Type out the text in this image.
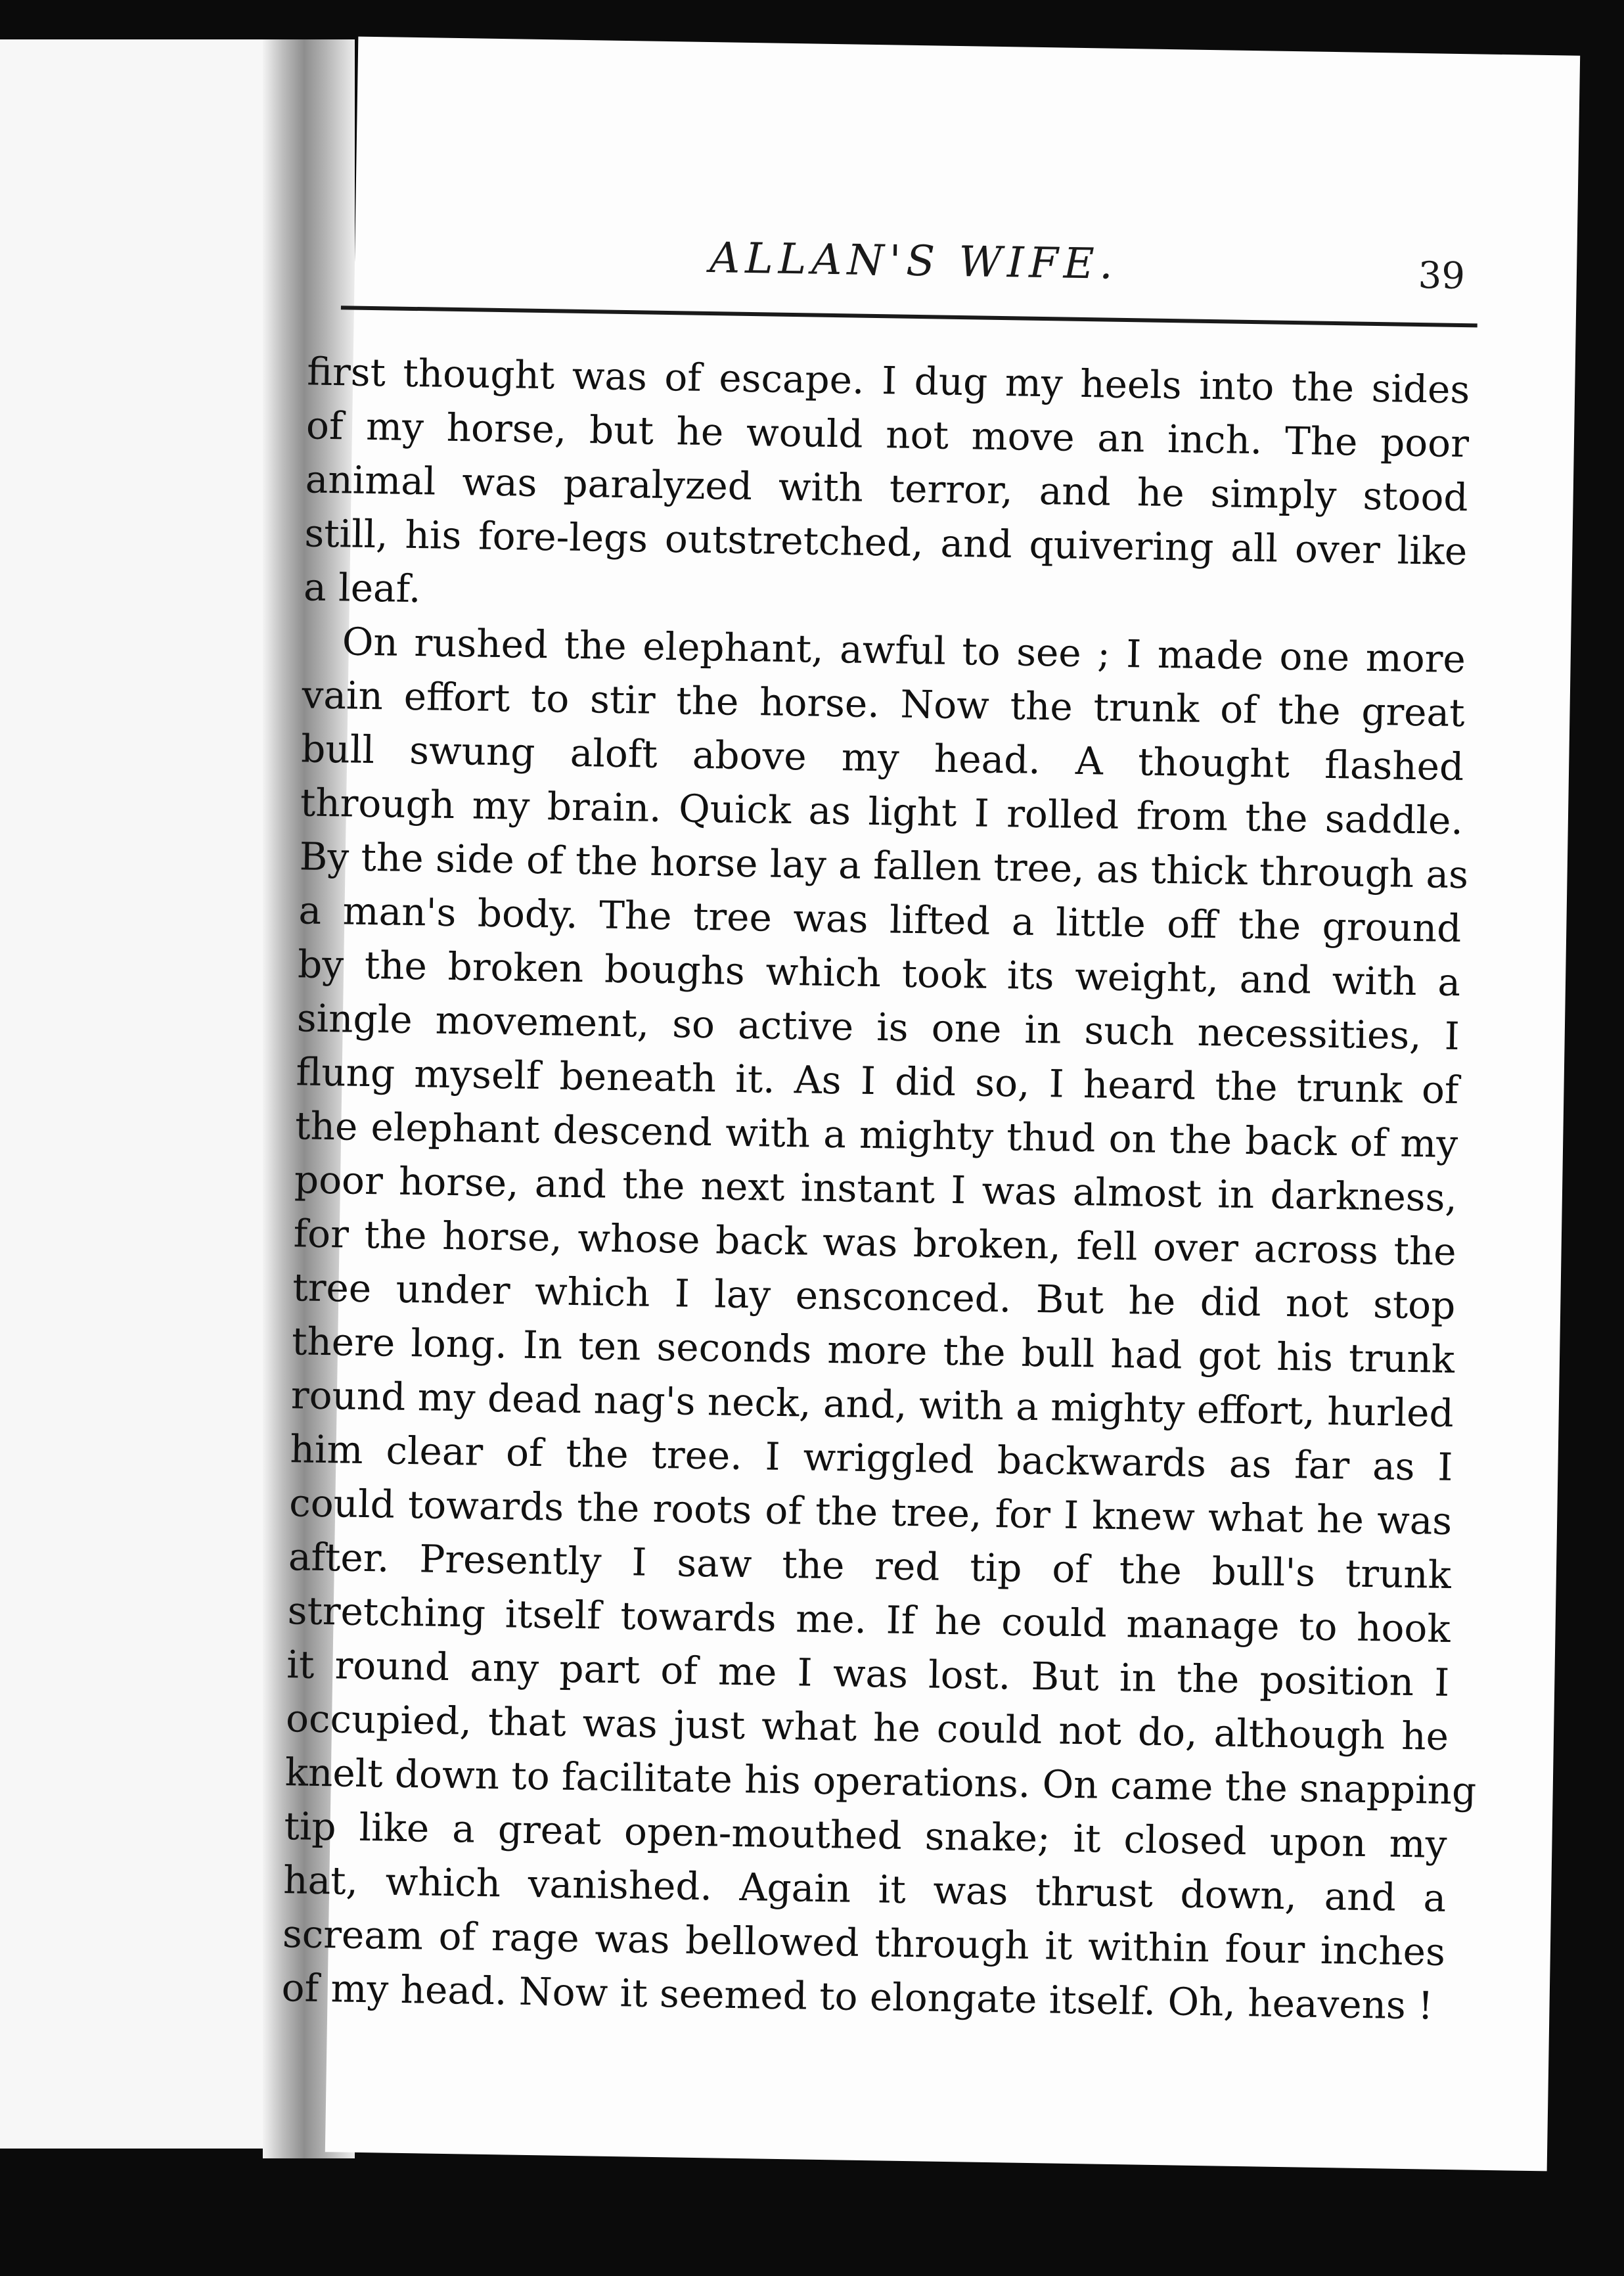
ALLAN'S WIFE.	39
first thought was of escape. I dug my heels into the sides
of my horse, but he would not move an inch. The poor
animal was paralyzed with terror, and he simply stood
still, his fore-legs outstretched, and quivering all over like
a leaf.
On rushed the elephant, awful to see ; I made one more
vain effort to stir the horse. Now the trunk of the great
bull swung aloft above my head. A thought flashed
through my brain. Quick as light I rolled from the saddle.
By the side of the horse lay a fallen tree, as thick through as
a man's body. The tree was lifted a little off the ground
by the broken boughs which took its weight, and with a
single movement, so active is one in such necessities, I
flung myself beneath it. As I did so, I heard the trunk of
the elephant descend with a mighty thud on the back of my
poor horse, and the next instant I was almost in darkness,
for the horse, whose back was broken, fell over across the
tree under which I lay ensconced. But he did not stop
there long. In ten seconds more the bull had got his trunk
round my dead nag's neck, and, with a mighty effort, hurled
him clear of the tree. I wriggled backwards as far as I
could towards the roots of the tree, for I knew what he was
after. Presently I saw the red tip of the bull's trunk
stretching itself towards me. If he could manage to hook
it round any part of me I was lost. But in the position I
occupied, that was just what he could not do, although he
knelt down to facilitate his operations. On came the snapping
tip like a great open-mouthed snake; it closed upon my
hat, which vanished. Again it was thrust down, and a
scream of rage was bellowed through it within four inches
of my head. Now it seemed to elongate itself. Oh, heavens !
